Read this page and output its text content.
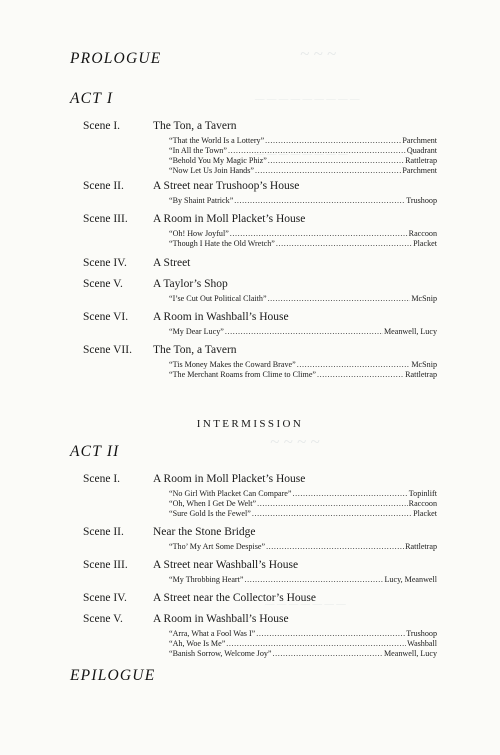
~ ~ ~
— — — — — — — — —
— — — — — — — —
~ ~ ~ ~
— — — — — — —
PROLOGUE
ACT I
Scene I.	The Ton, a Tavern
“That the World Is a Lottery” .....	Parchment
“In All the Town” .....	Quadrant
“Behold You My Magic Phiz” .....	Rattletrap
“Now Let Us Join Hands” .....	Parchment
Scene II.	A Street near Trushoop’s House
“By Shaint Patrick” .....	Trushoop
Scene III. A Room in Moll Placket’s House
“Oh! How Joyful” .....	Raccoon
“Though I Hate the Old Wretch” .....	Placket
Scene IV. A Street
Scene V.	A Taylor’s Shop
“I’se Cut Out Political Claith” .....	McSnip
Scene VI. A Room in Washball’s House
“My Dear Lucy” .....	Meanwell, Lucy
Scene VII. The Ton, a Tavern
“Tis Money Makes the Coward Brave” .....	McSnip
“The Merchant Roams from Clime to Clime” .....	Rattletrap
INTERMISSION
ACT II
Scene I.	A Room in Moll Placket’s House
“No Girl With Placket Can Compare” .....	Topinlift
“Oh, When I Get De Welt” .....	Raccoon
“Sure Gold Is the Fewel” .....	Placket
Scene II.	Near the Stone Bridge
“Tho’ My Art Some Despise” .....	Rattletrap
Scene III. A Street near Washball’s House
“My Throbbing Heart” .....	Lucy, Meanwell
Scene IV. A Street near the Collector’s House
Scene V.	A Room in Washball’s House
“Arra, What a Fool Was I” .....	Trushoop
“Ah, Woe Is Me” .....	Washball
“Banish Sorrow, Welcome Joy” .....	Meanwell, Lucy
EPILOGUE
